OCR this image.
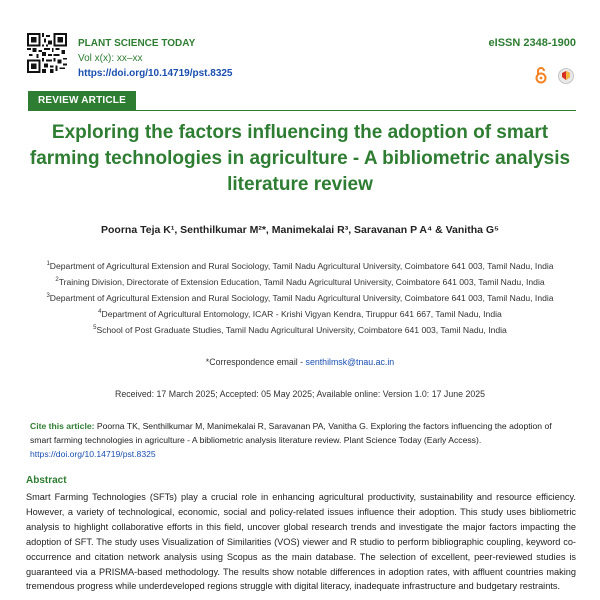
PLANT SCIENCE TODAY
Vol x(x): xx–xx
https://doi.org/10.14719/pst.8325
eISSN 2348-1900
REVIEW ARTICLE
Exploring the factors influencing the adoption of smart farming technologies in agriculture - A bibliometric analysis literature review
Poorna Teja K¹, Senthilkumar M²*, Manimekalai R³, Saravanan P A⁴ & Vanitha G⁵
$^1$Department of Agricultural Extension and Rural Sociology, Tamil Nadu Agricultural University, Coimbatore 641 003, Tamil Nadu, India
$^2$Training Division, Directorate of Extension Education, Tamil Nadu Agricultural University, Coimbatore 641 003, Tamil Nadu, India
$^3$Department of Agricultural Extension and Rural Sociology, Tamil Nadu Agricultural University, Coimbatore 641 003, Tamil Nadu, India
$^4$Department of Agricultural Entomology, ICAR - Krishi Vigyan Kendra, Tiruppur 641 667, Tamil Nadu, India
$^5$School of Post Graduate Studies, Tamil Nadu Agricultural University, Coimbatore 641 003, Tamil Nadu, India
*Correspondence email - senthilmsk@tnau.ac.in
Received: 17 March 2025; Accepted: 05 May 2025; Available online: Version 1.0: 17 June 2025
Cite this article: Poorna TK, Senthilkumar M, Manimekalai R, Saravanan PA, Vanitha G. Exploring the factors influencing the adoption of smart farming technologies in agriculture - A bibliometric analysis literature review. Plant Science Today (Early Access). https://doi.org/10.14719/pst.8325
Abstract
Smart Farming Technologies (SFTs) play a crucial role in enhancing agricultural productivity, sustainability and resource efficiency. However, a variety of technological, economic, social and policy-related issues influence their adoption. This study uses bibliometric analysis to highlight collaborative efforts in this field, uncover global research trends and investigate the major factors impacting the adoption of SFT. The study uses Visualization of Similarities (VOS) viewer and R studio to perform bibliographic coupling, keyword co-occurrence and citation network analysis using Scopus as the main database. The selection of excellent, peer-reviewed studies is guaranteed via a PRISMA-based methodology. The results show notable differences in adoption rates, with affluent countries making tremendous progress while underdeveloped regions struggle with digital literacy, inadequate infrastructure and budgetary restraints.
